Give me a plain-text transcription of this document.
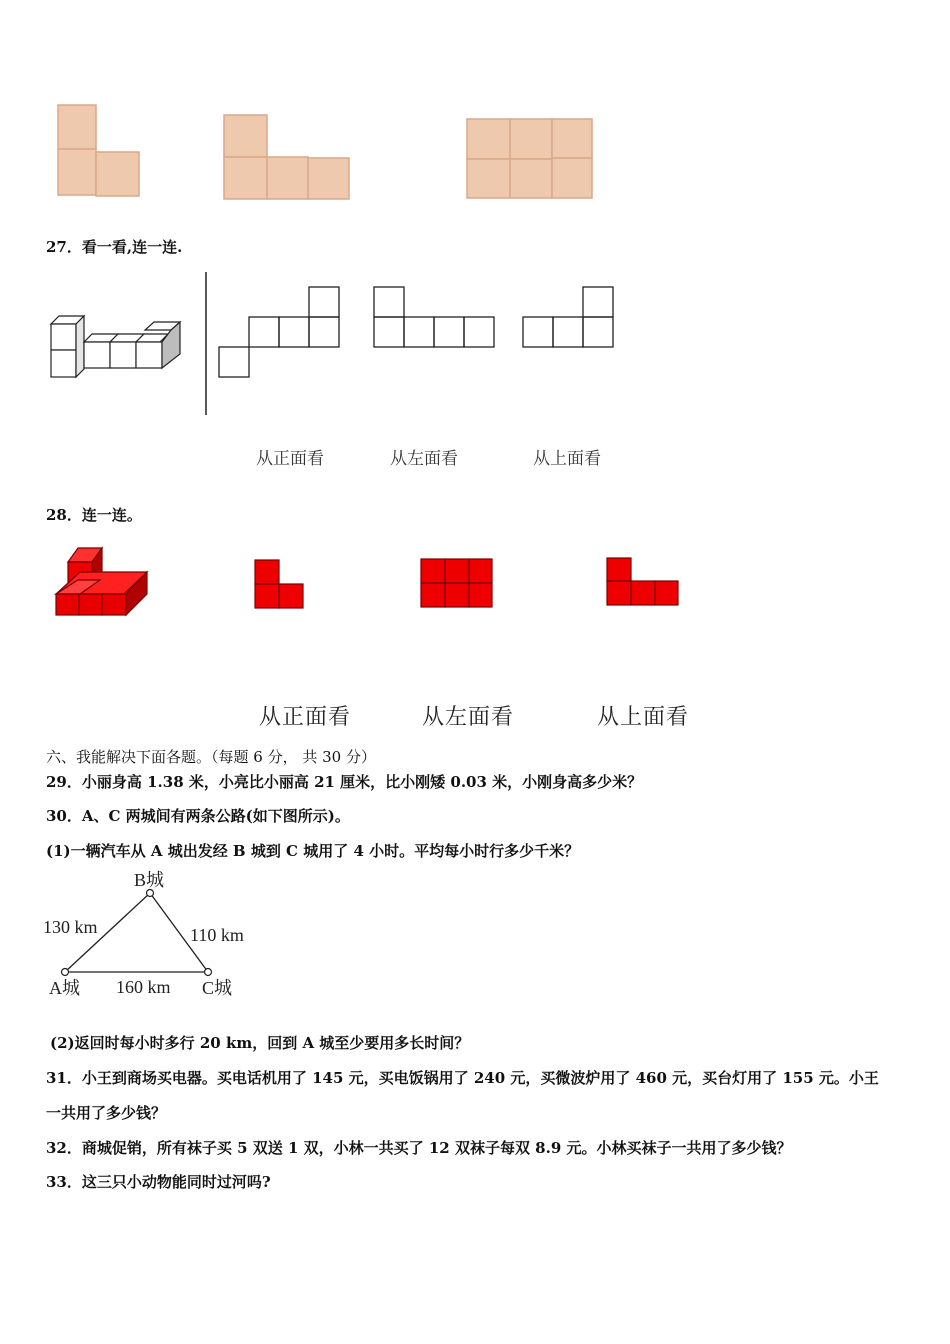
27．看一看,连一连.
从正面看	从左面看	从上面看
28．连一连。
从正面看	从左面看	从上面看
六、我能解决下面各题。（每题 6 分， 共 30 分）
29．小丽身高 1.38 米，小亮比小丽高 21 厘米，比小刚矮 0.03 米，小刚身高多少米？
30．A、C 两城间有两条公路(如下图所示)。
(1)一辆汽车从 A 城出发经 B 城到 C 城用了 4 小时。平均每小时行多少千米？
B城
A城	C城
130 km	110 km
160 km
(2)返回时每小时多行 20 km，回到 A 城至少要用多长时间？
31．小王到商场买电器。买电话机用了 145 元，买电饭锅用了 240 元，买微波炉用了 460 元，买台灯用了 155 元。小王
一共用了多少钱？
32．商城促销，所有袜子买 5 双送 1 双，小林一共买了 12 双袜子每双 8.9 元。小林买袜子一共用了多少钱？
33．这三只小动物能同时过河吗?
